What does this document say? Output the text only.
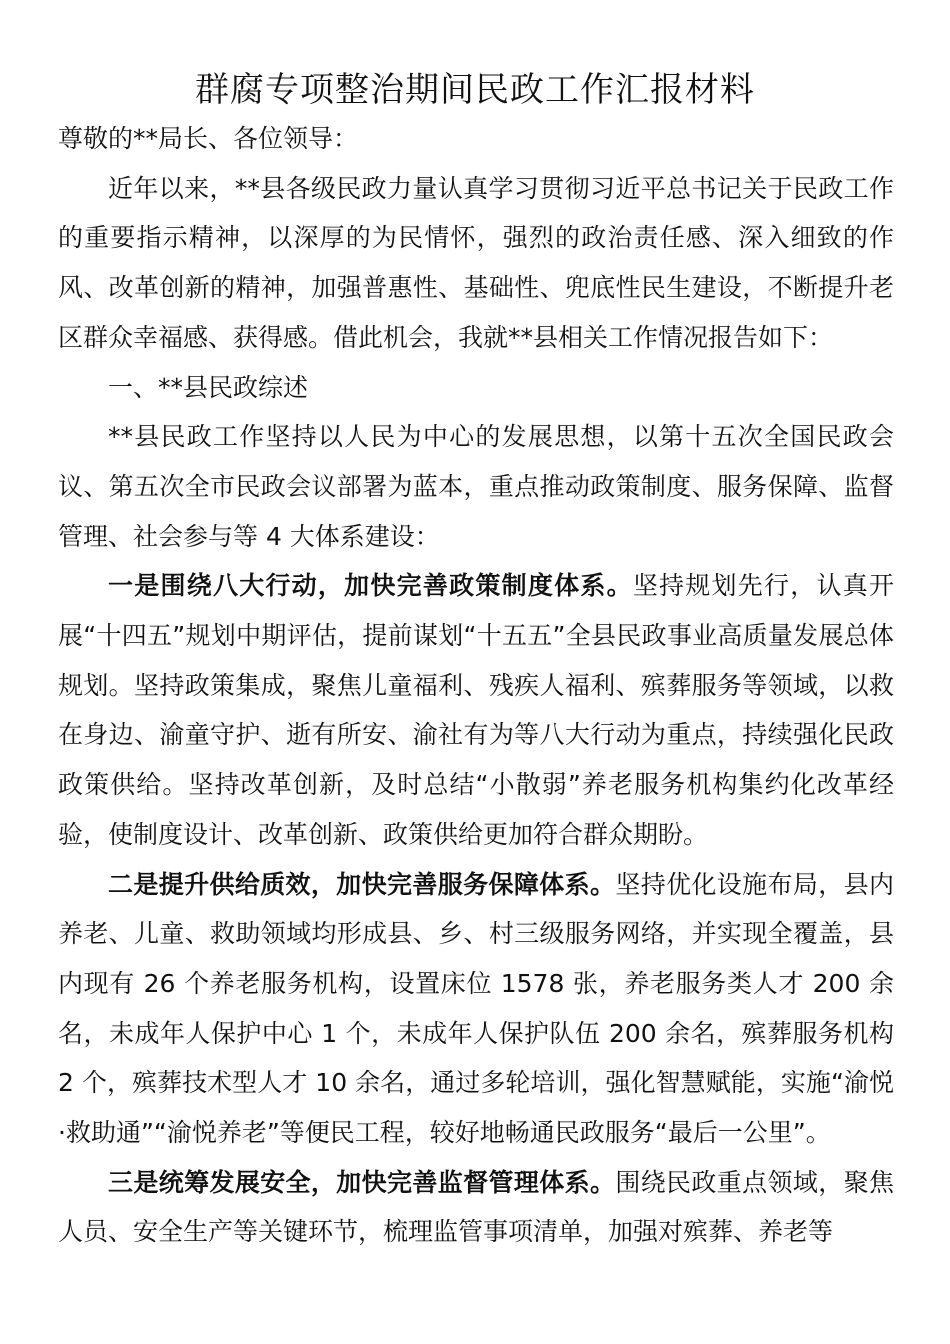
群腐专项整治期间民政工作汇报材料

尊敬的**局长、各位领导：

近年以来，**县各级民政力量认真学习贯彻习近平总书记关于民政工作的重要指示精神，以深厚的为民情怀，强烈的政治责任感、深入细致的作风、改革创新的精神，加强普惠性、基础性、兜底性民生建设，不断提升老区群众幸福感、获得感。借此机会，我就**县相关工作情况报告如下：

一、**县民政综述

**县民政工作坚持以人民为中心的发展思想，以第十五次全国民政会议、第五次全市民政会议部署为蓝本，重点推动政策制度、服务保障、监督管理、社会参与等 4 大体系建设：

一是围绕八大行动，加快完善政策制度体系。坚持规划先行，认真开展“十四五”规划中期评估，提前谋划“十五五”全县民政事业高质量发展总体规划。坚持政策集成，聚焦儿童福利、残疾人福利、殡葬服务等领域，以救在身边、渝童守护、逝有所安、渝社有为等八大行动为重点，持续强化民政政策供给。坚持改革创新，及时总结“小散弱”养老服务机构集约化改革经验，使制度设计、改革创新、政策供给更加符合群众期盼。

二是提升供给质效，加快完善服务保障体系。坚持优化设施布局，县内养老、儿童、救助领域均形成县、乡、村三级服务网络，并实现全覆盖，县内现有 26 个养老服务机构，设置床位 1578 张，养老服务类人才 200 余名，未成年人保护中心 1 个，未成年人保护队伍 200 余名，殡葬服务机构 2 个，殡葬技术型人才 10 余名，通过多轮培训，强化智慧赋能，实施“渝悦·救助通”“渝悦养老”等便民工程，较好地畅通民政服务“最后一公里”。

三是统筹发展安全，加快完善监督管理体系。围绕民政重点领域，聚焦人员、安全生产等关键环节，梳理监管事项清单，加强对殡葬、养老等
